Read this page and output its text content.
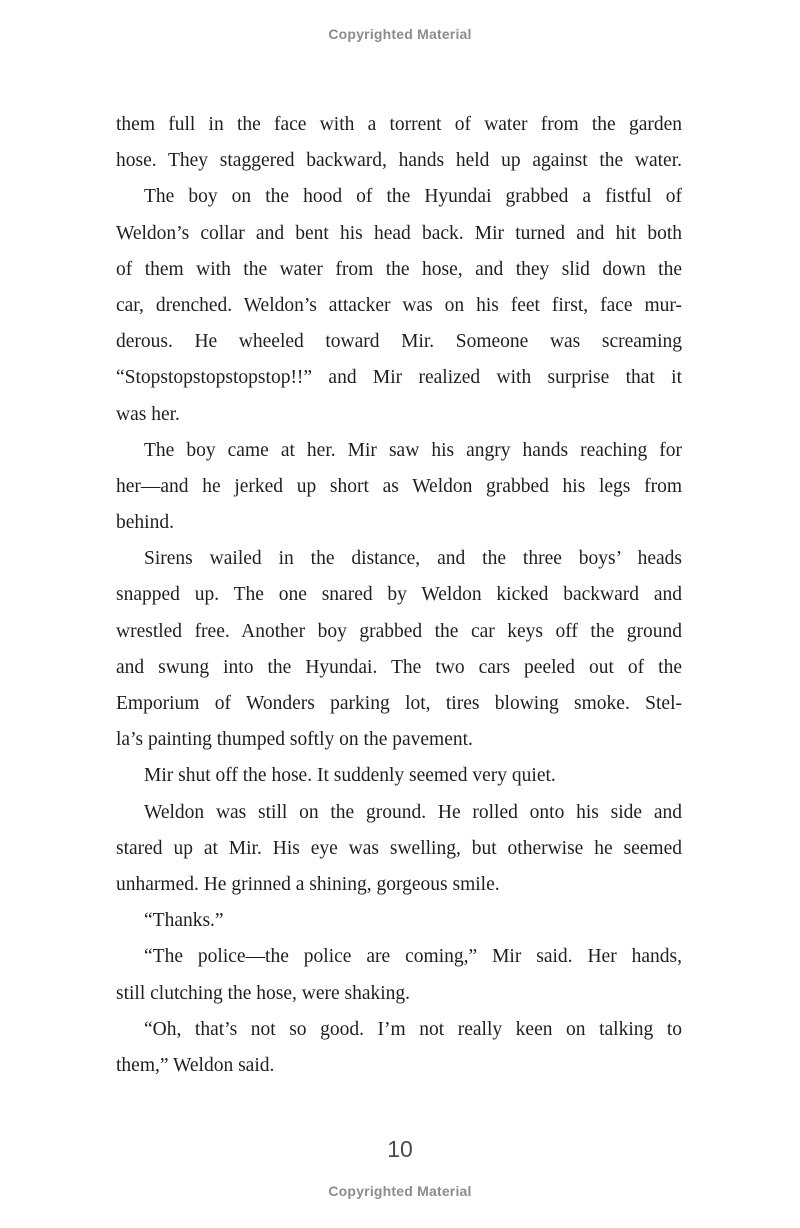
Copyrighted Material
them full in the face with a torrent of water from the garden
hose. They staggered backward, hands held up against the water.
The boy on the hood of the Hyundai grabbed a fistful of
Weldon’s collar and bent his head back. Mir turned and hit both
of them with the water from the hose, and they slid down the
car, drenched. Weldon’s attacker was on his feet first, face mur-
derous. He wheeled toward Mir. Someone was screaming
“Stopstopstopstopstop!!” and Mir realized with surprise that it
was her.
The boy came at her. Mir saw his angry hands reaching for
her—and he jerked up short as Weldon grabbed his legs from
behind.
Sirens wailed in the distance, and the three boys’ heads
snapped up. The one snared by Weldon kicked backward and
wrestled free. Another boy grabbed the car keys off the ground
and swung into the Hyundai. The two cars peeled out of the
Emporium of Wonders parking lot, tires blowing smoke. Stel-
la’s painting thumped softly on the pavement.
Mir shut off the hose. It suddenly seemed very quiet.
Weldon was still on the ground. He rolled onto his side and
stared up at Mir. His eye was swelling, but otherwise he seemed
unharmed. He grinned a shining, gorgeous smile.
“Thanks.”
“The police—the police are coming,” Mir said. Her hands,
still clutching the hose, were shaking.
“Oh, that’s not so good. I’m not really keen on talking to
them,” Weldon said.
10
Copyrighted Material
